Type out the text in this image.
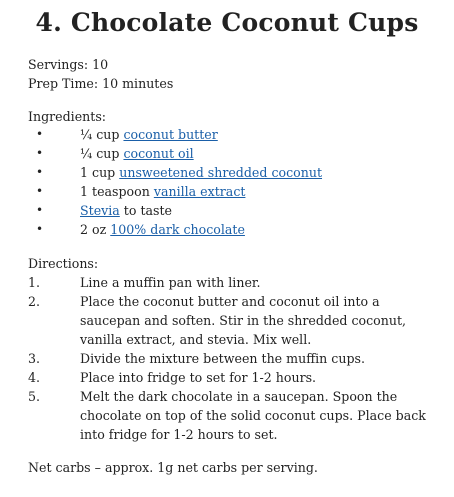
4. Chocolate Coconut Cups
Servings: 10
Prep Time: 10 minutes
Ingredients:
•	¼ cup coconut butter
•	¼ cup coconut oil
•	1 cup unsweetened shredded coconut
•	1 teaspoon vanilla extract
•	Stevia to taste
•	2 oz 100% dark chocolate
Directions:
1.	Line a muffin pan with liner.
2.	Place the coconut butter and coconut oil into a saucepan and soften. Stir in the shredded coconut, vanilla extract, and stevia. Mix well.
3.	Divide the mixture between the muffin cups.
4.	Place into fridge to set for 1-2 hours.
5.	Melt the dark chocolate in a saucepan. Spoon the chocolate on top of the solid coconut cups. Place back into fridge for 1-2 hours to set.
Net carbs – approx. 1g net carbs per serving.
